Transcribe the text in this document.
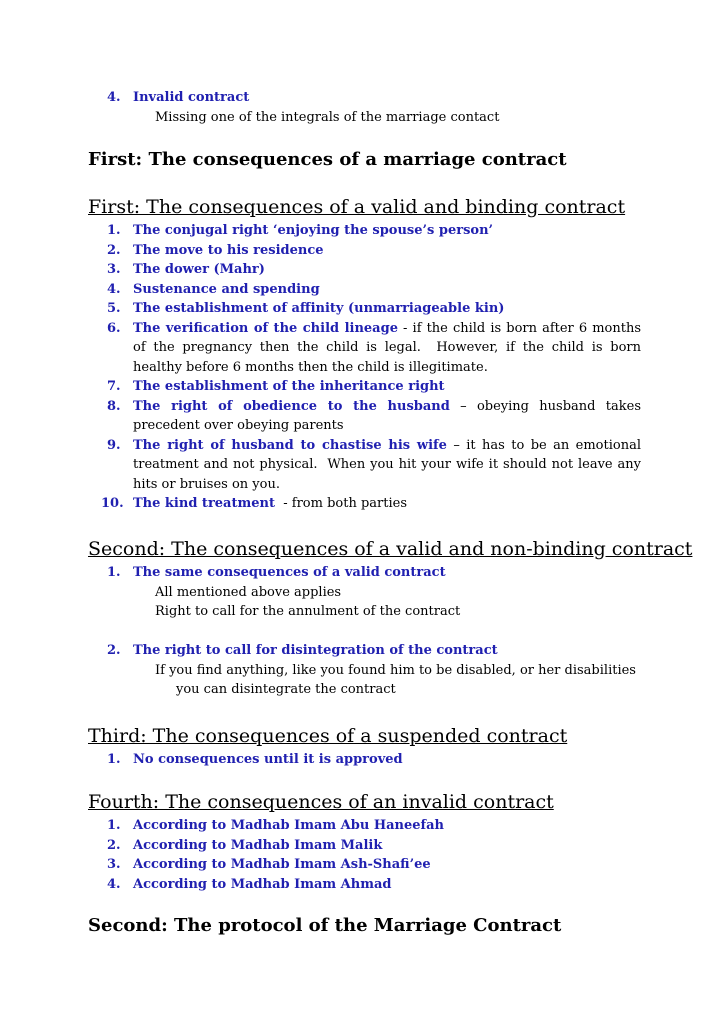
4. Invalid contract
Missing one of the integrals of the marriage contact
First: The consequences of a marriage contract
First: The consequences of a valid and binding contract
1. The conjugal right ‘enjoying the spouse’s person’
2. The move to his residence
3. The dower (Mahr)
4. Sustenance and spending
5. The establishment of affinity (unmarriageable kin)
6. The verification of the child lineage - if the child is born after 6 months of the pregnancy then the child is legal.  However, if the child is born healthy before 6 months then the child is illegitimate.
7. The establishment of the inheritance right
8. The right of obedience to the husband – obeying husband takes precedent over obeying parents
9. The right of husband to chastise his wife – it has to be an emotional treatment and not physical.  When you hit your wife it should not leave any hits or bruises on you.
10. The kind treatment  - from both parties
Second: The consequences of a valid and non-binding contract
1. The same consequences of a valid contract
All mentioned above applies
Right to call for the annulment of the contract
2. The right to call for disintegration of the contract
If you find anything, like you found him to be disabled, or her disabilities
you can disintegrate the contract
Third: The consequences of a suspended contract
1. No consequences until it is approved
Fourth: The consequences of an invalid contract
1. According to Madhab Imam Abu Haneefah
2. According to Madhab Imam Malik
3. According to Madhab Imam Ash-Shafi’ee
4. According to Madhab Imam Ahmad
Second: The protocol of the Marriage Contract
